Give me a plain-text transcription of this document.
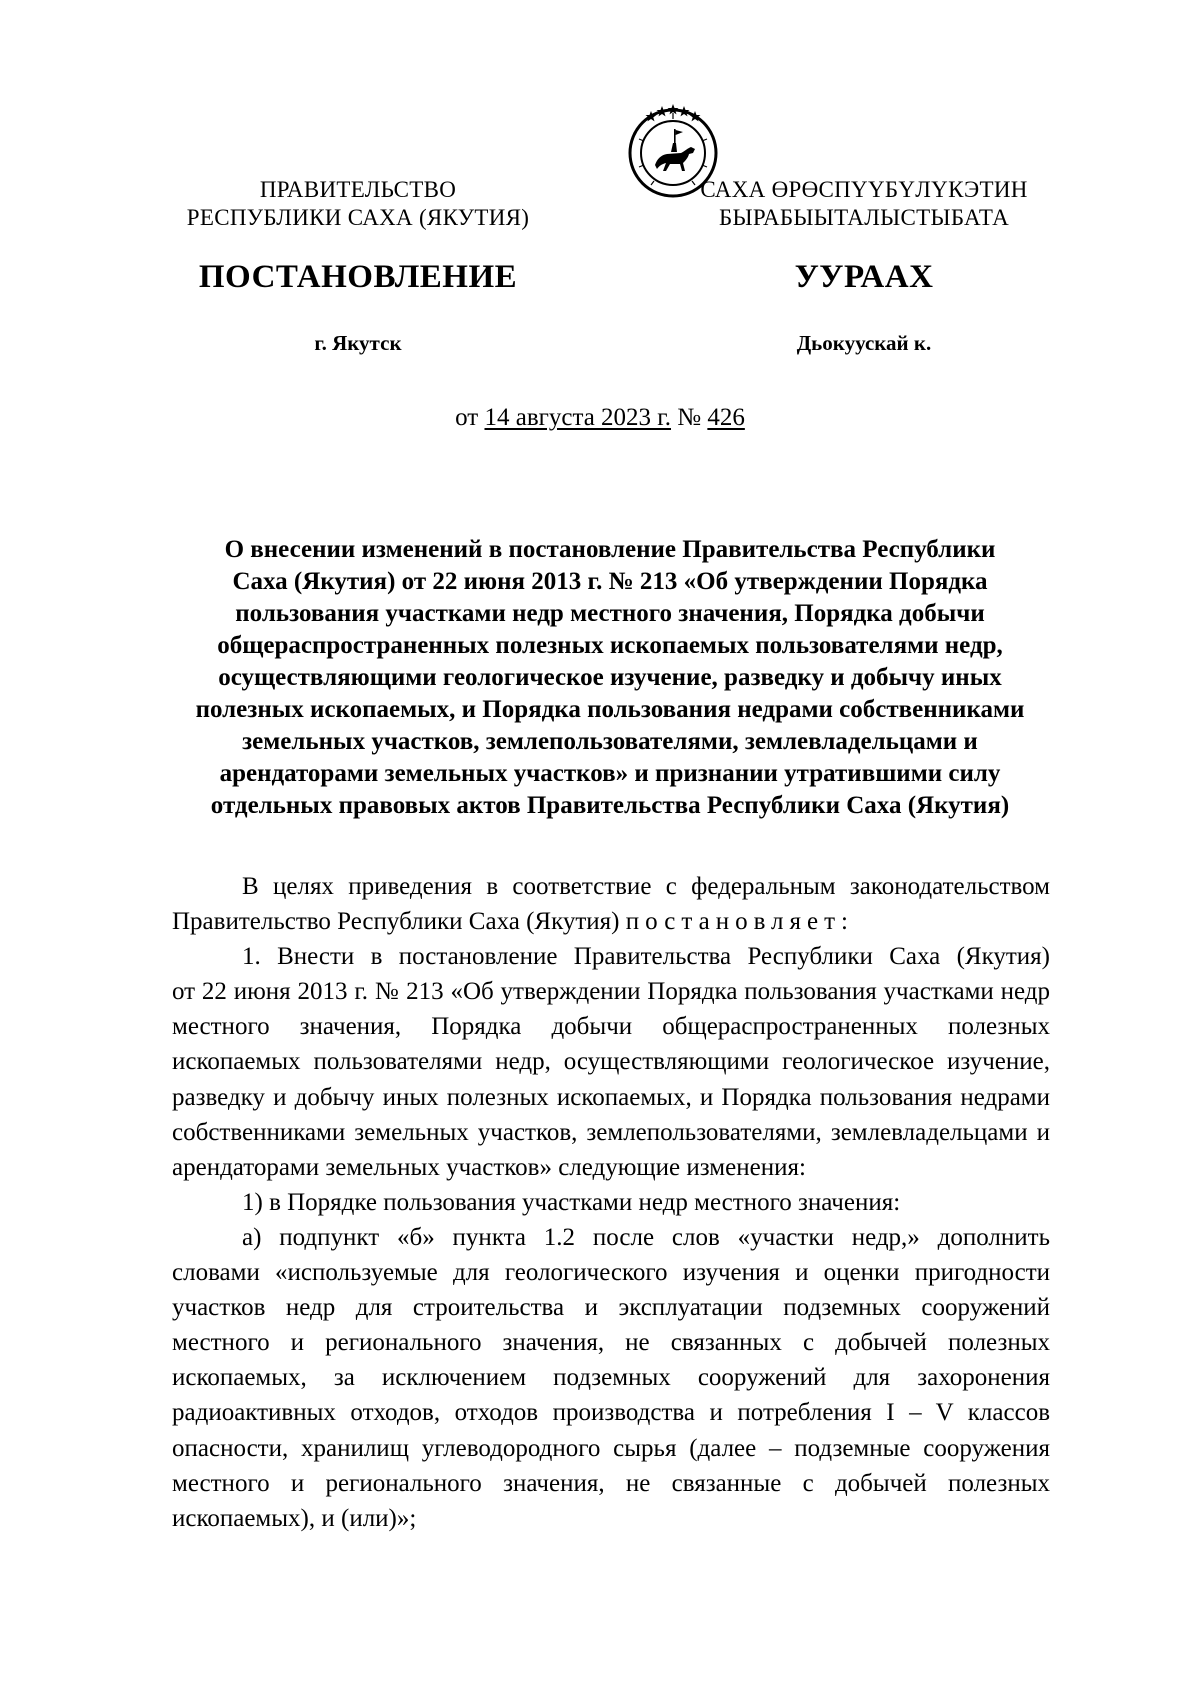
ПРАВИТЕЛЬСТВО
РЕСПУБЛИКИ САХА (ЯКУТИЯ)
САХА ӨРӨСПҮҮБҮЛҮКЭТИН
БЫРАБЫЫТАЛЫСТЫБАТА
ПОСТАНОВЛЕНИЕ	УУРААХ
г. Якутск	Дьокуускай к.
от 14 августа 2023 г. № 426
О внесении изменений в постановление Правительства Республики
Саха (Якутия) от 22 июня 2013 г. № 213 «Об утверждении Порядка
пользования участками недр местного значения, Порядка добычи
общераспространенных полезных ископаемых пользователями недр,
осуществляющими геологическое изучение, разведку и добычу иных
полезных ископаемых, и Порядка пользования недрами собственниками
земельных участков, землепользователями, землевладельцами и
арендаторами земельных участков» и признании утратившими силу
отдельных правовых актов Правительства Республики Саха (Якутия)
В целях приведения в соответствие с федеральным законодательством
Правительство Республики Саха (Якутия) постановляет:
1. Внести в постановление Правительства Республики Саха (Якутия)
от 22 июня 2013 г. № 213 «Об утверждении Порядка пользования участками недр
местного значения, Порядка добычи общераспространенных полезных
ископаемых пользователями недр, осуществляющими геологическое изучение,
разведку и добычу иных полезных ископаемых, и Порядка пользования недрами
собственниками земельных участков, землепользователями, землевладельцами и
арендаторами земельных участков» следующие изменения:
1) в Порядке пользования участками недр местного значения:
а) подпункт «б» пункта 1.2 после слов «участки недр,» дополнить
словами «используемые для геологического изучения и оценки пригодности
участков недр для строительства и эксплуатации подземных сооружений
местного и регионального значения, не связанных с добычей полезных
ископаемых, за исключением подземных сооружений для захоронения
радиоактивных отходов, отходов производства и потребления I – V классов
опасности, хранилищ углеводородного сырья (далее – подземные сооружения
местного и регионального значения, не связанные с добычей полезных
ископаемых), и (или)»;
